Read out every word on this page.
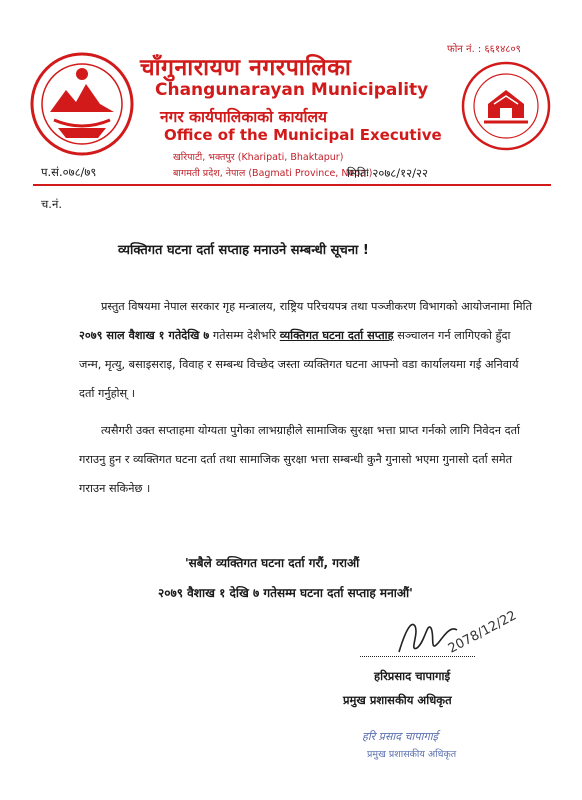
फोन नं. : ६६१४८०९
चाँगुनारायण नगरपालिका
Changunarayan Municipality
नगर कार्यपालिकाको कार्यालय
Office of the Municipal Executive
खरिपाटी, भक्तपुर (Kharipati, Bhaktapur)
बागमती प्रदेश, नेपाल (Bagmati Province, Nepal)
प.सं.०७८/७९	मितिः २०७८/१२/२२
च.नं.
व्यक्तिगत घटना दर्ता सप्ताह मनाउने सम्बन्धी सूचना !
प्रस्तुत विषयमा नेपाल सरकार गृह मन्त्रालय, राष्ट्रिय परिचयपत्र तथा पञ्जीकरण विभागको आयोजनामा मिति २०७९ साल वैशाख १ गतेदेखि ७ गतेसम्म देशैभरि व्यक्तिगत घटना दर्ता सप्ताह सञ्चालन गर्न लागिएको हुँदा जन्म, मृत्यु, बसाइसराइ, विवाह र सम्बन्ध विच्छेद जस्ता व्यक्तिगत घटना आफ्नो वडा कार्यालयमा गई अनिवार्य दर्ता गर्नुहोस् ।
त्यसैगरी उक्त सप्ताहमा योग्यता पुगेका लाभग्राहीले सामाजिक सुरक्षा भत्ता प्राप्त गर्नको लागि निवेदन दर्ता गराउनु हुन र व्यक्तिगत घटना दर्ता तथा सामाजिक सुरक्षा भत्ता सम्बन्धी कुनै गुनासो भएमा गुनासो दर्ता समेत गराउन सकिनेछ ।
'सबैले व्यक्तिगत घटना दर्ता गरौं, गराऔं
२०७९ वैशाख १ देखि ७ गतेसम्म घटना दर्ता सप्ताह मनाऔं'
2078/12/22
हरिप्रसाद चापागाई
प्रमुख प्रशासकीय अधिकृत
हरि प्रसाद चापागाई
प्रमुख प्रशासकीय अधिकृत
